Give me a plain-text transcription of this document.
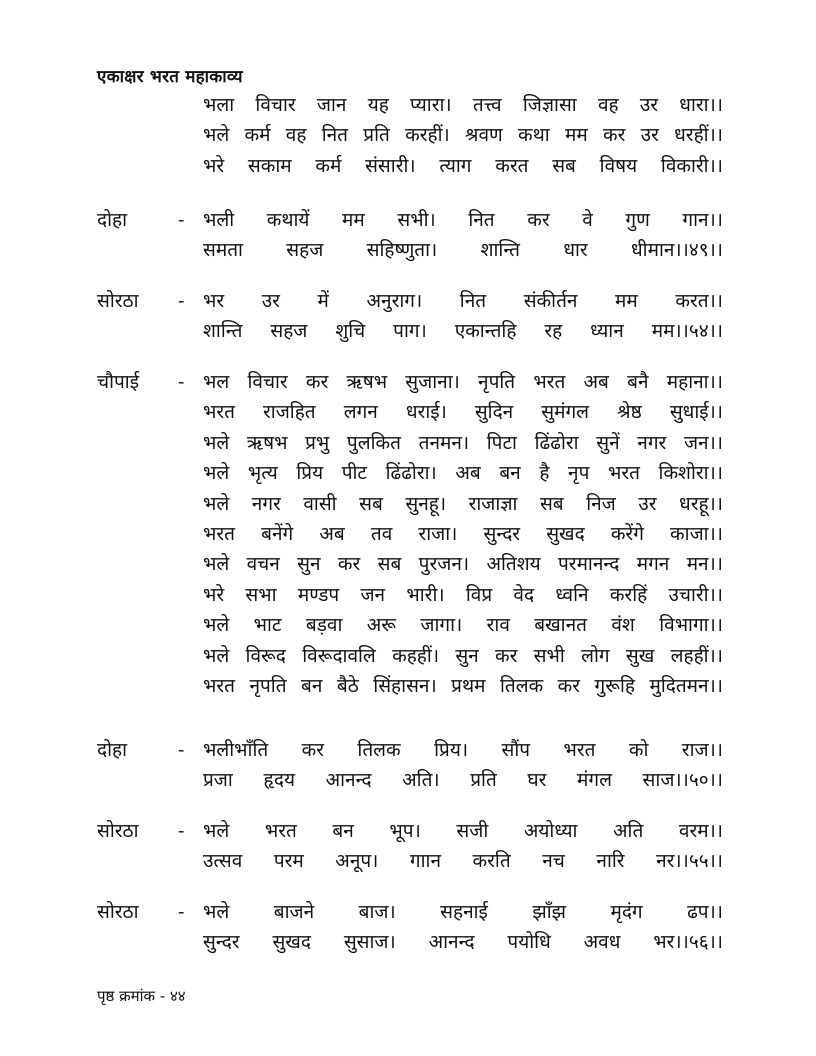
एकाक्षर भरत महाकाव्य
भला विचार जान यह प्यारा। तत्त्व जिज्ञासा वह उर धारा।।
भले कर्म वह नित प्रति करहीं। श्रवण कथा मम कर उर धरहीं।।
भरे सकाम कर्म संसारी। त्याग करत सब विषय विकारी।।
दोहा	- भली कथायें मम सभी। नित कर वे गुण गान।।
समता सहज सहिष्णुता। शान्ति धार धीमान।।४९।।
सोरठा - भर उर में अनुराग। नित संकीर्तन मम करत।।
शान्ति सहज शुचि पाग। एकान्तहि रह ध्यान मम।।५४।।
चौपाई - भल विचार कर ऋषभ सुजाना। नृपति भरत अब बनै महाना।।
भरत राजहित लगन धराई। सुदिन सुमंगल श्रेष्ठ सुधाई।।
भले ऋषभ प्रभु पुलकित तनमन। पिटा ढिंढोरा सुनें नगर जन।।
भले भृत्य प्रिय पीट ढिंढोरा। अब बन है नृप भरत किशोरा।।
भले नगर वासी सब सुनहू। राजाज्ञा सब निज उर धरहू।।
भरत बनेंगे अब तव राजा। सुन्दर सुखद करेंगे काजा।।
भले वचन सुन कर सब पुरजन। अतिशय परमानन्द मगन मन।।
भरे सभा मण्डप जन भारी। विप्र वेद ध्वनि करहिं उचारी।।
भले भाट बड़वा अरू जागा। राव बखानत वंश विभागा।।
भले विरूद विरूदावलि कहहीं। सुन कर सभी लोग सुख लहहीं।।
भरत नृपति बन बैठे सिंहासन। प्रथम तिलक कर गुरूहि मुदितमन।।
दोहा	- भलीभाँति कर तिलक प्रिय। सौंप भरत को राज।।
प्रजा हृदय आनन्द अति। प्रति घर मंगल साज।।५०।।
सोरठा - भले भरत बन भूप। सजी अयोध्या अति वरम।।
उत्सव परम अनूप। गाान करति नच नारि नर।।५५।।
सोरठा - भले बाजने बाज। सहनाई झाँझ मृदंग ढप।।
सुन्दर सुखद सुसाज। आनन्द पयोधि अवध भर।।५६।।
पृष्ठ क्रमांक - ४४
